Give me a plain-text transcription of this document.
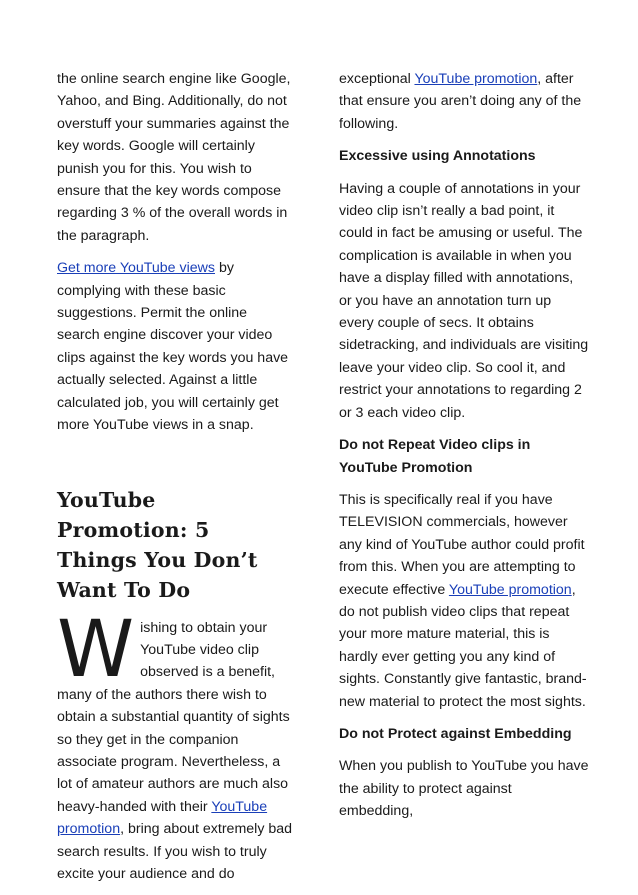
the online search engine like Google, Yahoo, and Bing. Additionally, do not overstuff your summaries against the key words. Google will certainly punish you for this. You wish to ensure that the key words compose regarding 3 % of the overall words in the paragraph.

Get more YouTube views by complying with these basic suggestions. Permit the online search engine discover your video clips against the key words you have actually selected. Against a little calculated job, you will certainly get more YouTube views in a snap.

YouTube Promotion: 5 Things You Don’t Want To Do

Wishing to obtain your YouTube video clip observed is a benefit, many of the authors there wish to obtain a substantial quantity of sights so they get in the companion associate program. Nevertheless, a lot of amateur authors are much also heavy-handed with their YouTube promotion, bring about extremely bad search results. If you wish to truly excite your audience and do

exceptional YouTube promotion, after that ensure you aren’t doing any of the following.

Excessive using Annotations

Having a couple of annotations in your video clip isn’t really a bad point, it could in fact be amusing or useful. The complication is available in when you have a display filled with annotations, or you have an annotation turn up every couple of secs. It obtains sidetracking, and individuals are visiting leave your video clip. So cool it, and restrict your annotations to regarding 2 or 3 each video clip.

Do not Repeat Video clips in YouTube Promotion

This is specifically real if you have TELEVISION commercials, however any kind of YouTube author could profit from this. When you are attempting to execute effective YouTube promotion, do not publish video clips that repeat your more mature material, this is hardly ever getting you any kind of sights. Constantly give fantastic, brand-new material to protect the most sights.

Do not Protect against Embedding

When you publish to YouTube you have the ability to protect against embedding,
